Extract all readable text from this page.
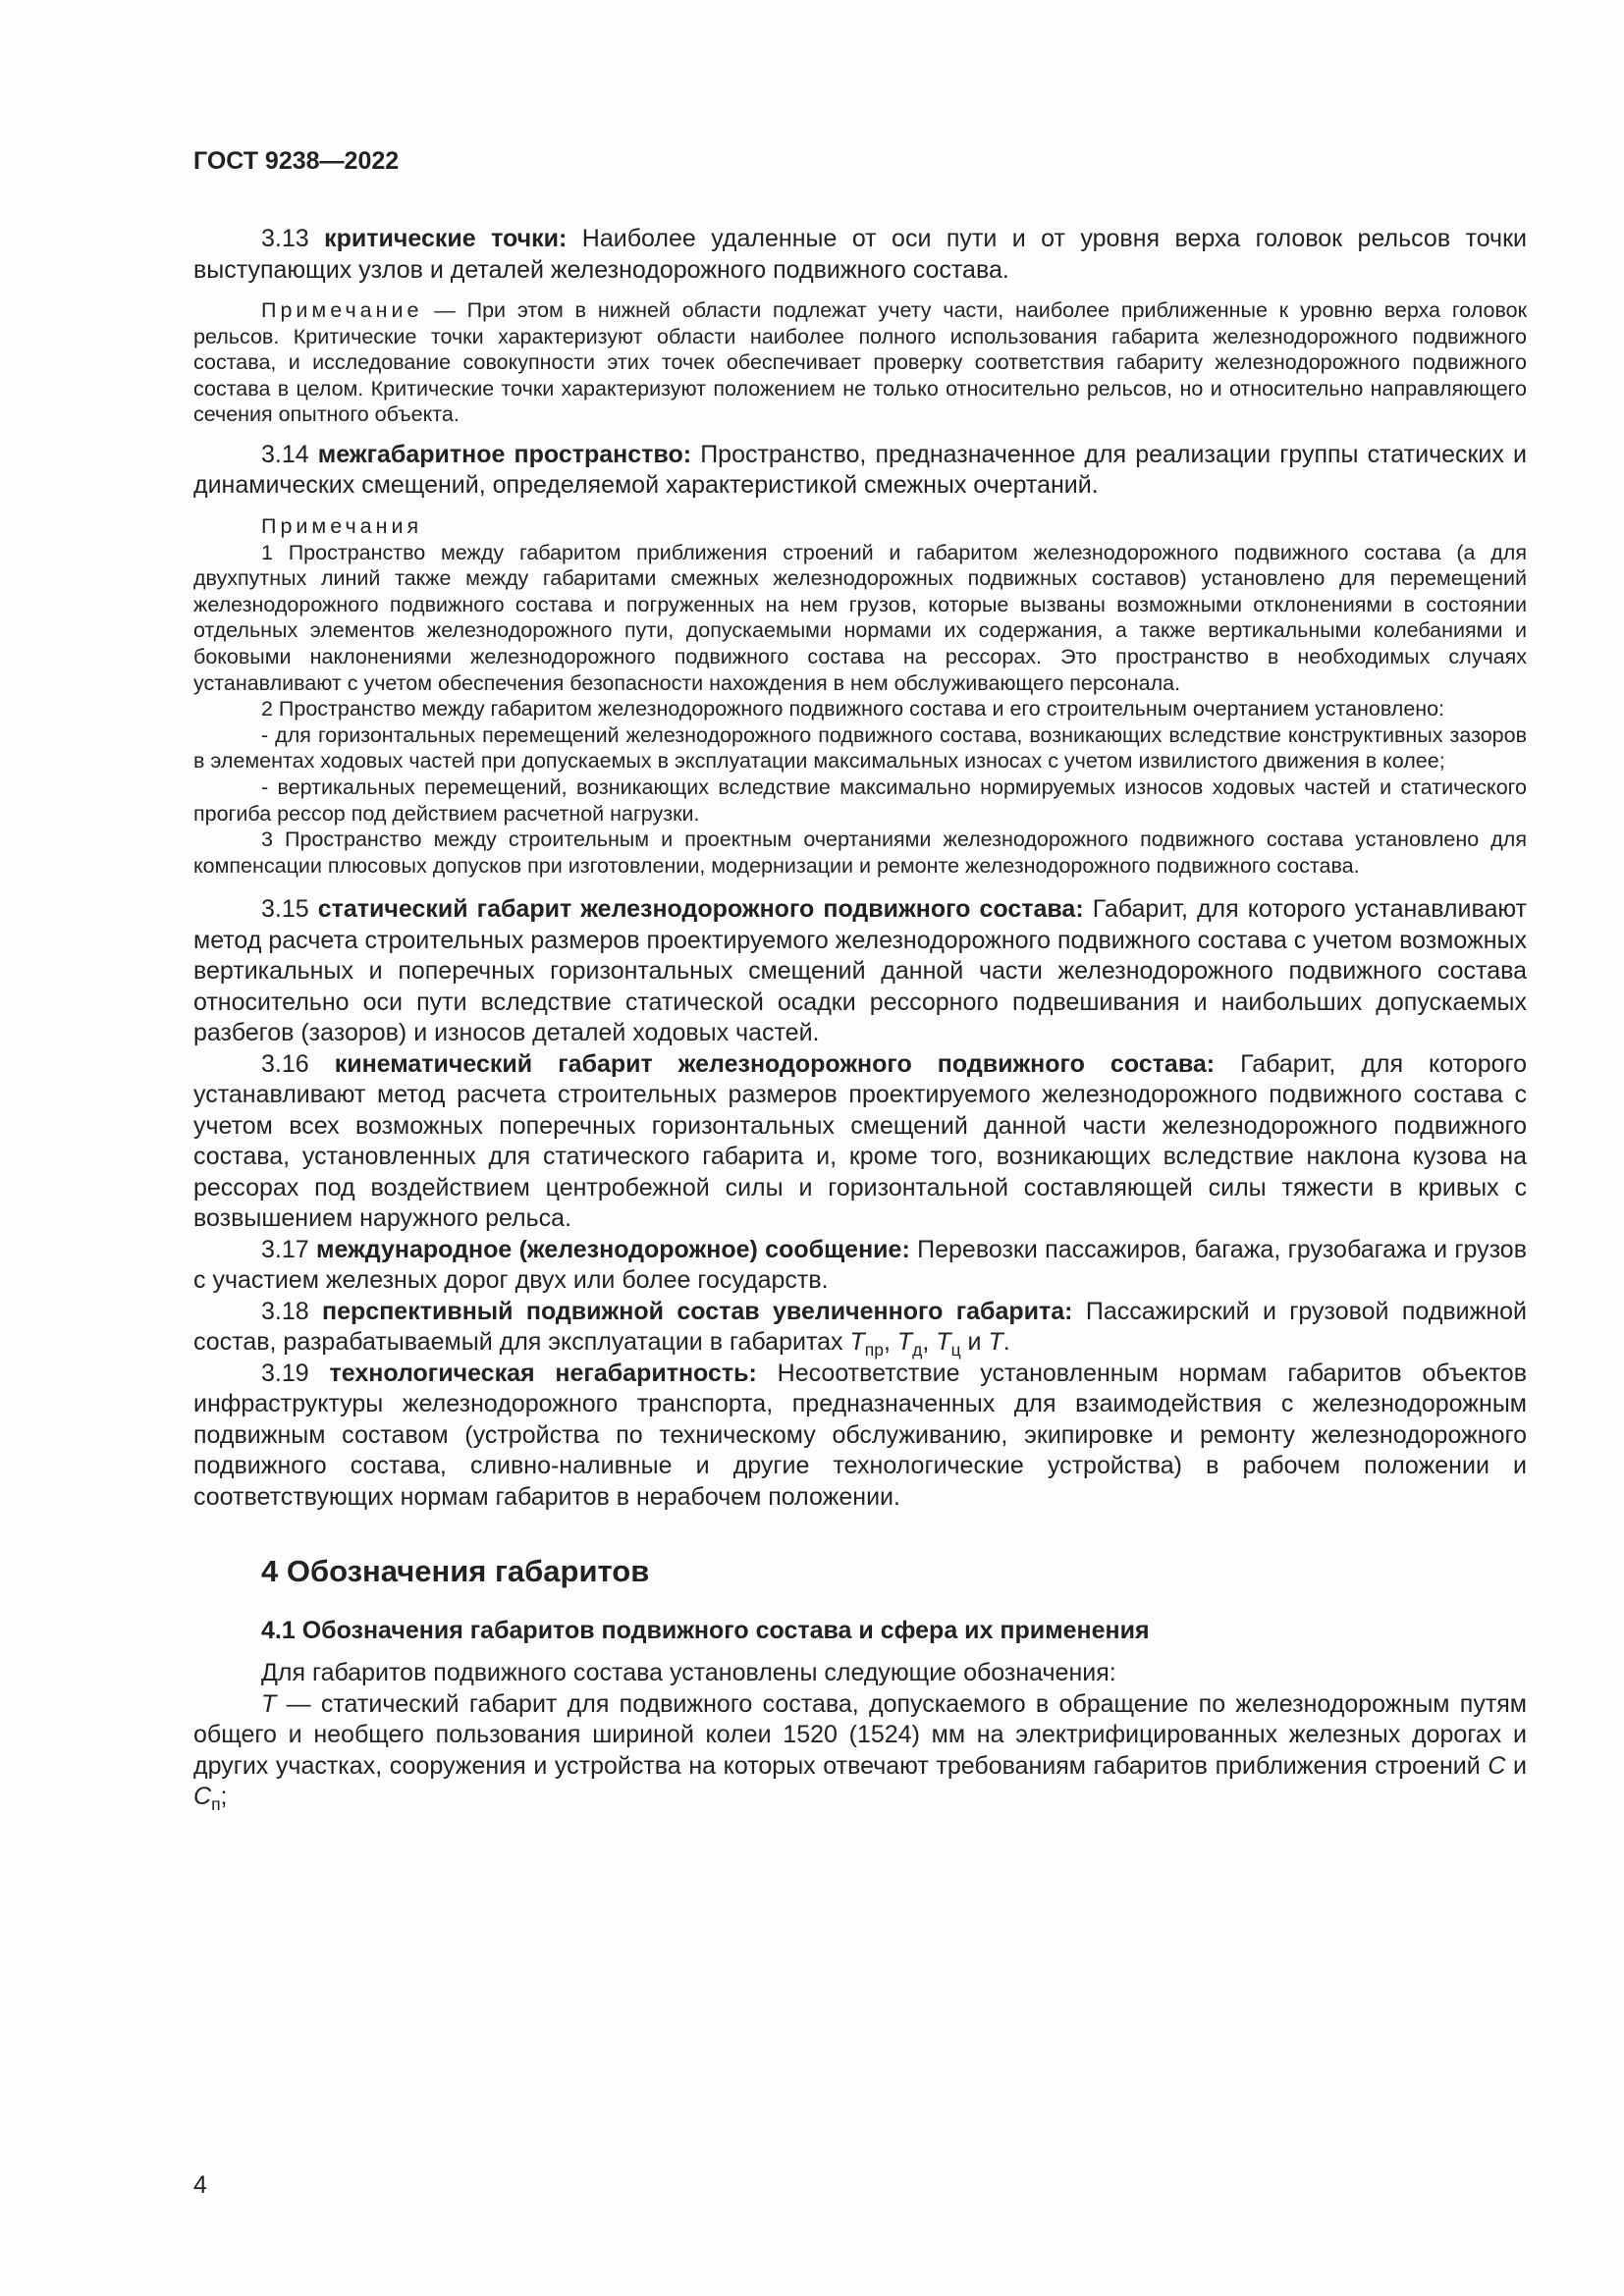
ГОСТ 9238—2022

3.13 критические точки: Наиболее удаленные от оси пути и от уровня верха головок рельсов точки выступающих узлов и деталей железнодорожного подвижного состава.

Примечание — При этом в нижней области подлежат учету части, наиболее приближенные к уровню верха головок рельсов. Критические точки характеризуют области наиболее полного использования габарита железнодорожного подвижного состава, и исследование совокупности этих точек обеспечивает проверку соответствия габариту железнодорожного подвижного состава в целом. Критические точки характеризуют положением не только относительно рельсов, но и относительно направляющего сечения опытного объекта.

3.14 межгабаритное пространство: Пространство, предназначенное для реализации группы статических и динамических смещений, определяемой характеристикой смежных очертаний.

Примечания

1 Пространство между габаритом приближения строений и габаритом железнодорожного подвижного состава (а для двухпутных линий также между габаритами смежных железнодорожных подвижных составов) установлено для перемещений железнодорожного подвижного состава и погруженных на нем грузов, которые вызваны возможными отклонениями в состоянии отдельных элементов железнодорожного пути, допускаемыми нормами их содержания, а также вертикальными колебаниями и боковыми наклонениями железнодорожного подвижного состава на рессорах. Это пространство в необходимых случаях устанавливают с учетом обеспечения безопасности нахождения в нем обслуживающего персонала.

2 Пространство между габаритом железнодорожного подвижного состава и его строительным очертанием установлено:

- для горизонтальных перемещений железнодорожного подвижного состава, возникающих вследствие конструктивных зазоров в элементах ходовых частей при допускаемых в эксплуатации максимальных износах с учетом извилистого движения в колее;

- вертикальных перемещений, возникающих вследствие максимально нормируемых износов ходовых частей и статического прогиба рессор под действием расчетной нагрузки.

3 Пространство между строительным и проектным очертаниями железнодорожного подвижного состава установлено для компенсации плюсовых допусков при изготовлении, модернизации и ремонте железнодорожного подвижного состава.

3.15 статический габарит железнодорожного подвижного состава: Габарит, для которого устанавливают метод расчета строительных размеров проектируемого железнодорожного подвижного состава с учетом возможных вертикальных и поперечных горизонтальных смещений данной части железнодорожного подвижного состава относительно оси пути вследствие статической осадки рессорного подвешивания и наибольших допускаемых разбегов (зазоров) и износов деталей ходовых частей.

3.16 кинематический габарит железнодорожного подвижного состава: Габарит, для которого устанавливают метод расчета строительных размеров проектируемого железнодорожного подвижного состава с учетом всех возможных поперечных горизонтальных смещений данной части железнодорожного подвижного состава, установленных для статического габарита и, кроме того, возникающих вследствие наклона кузова на рессорах под воздействием центробежной силы и горизонтальной составляющей силы тяжести в кривых с возвышением наружного рельса.

3.17 международное (железнодорожное) сообщение: Перевозки пассажиров, багажа, грузобагажа и грузов с участием железных дорог двух или более государств.

3.18 перспективный подвижной состав увеличенного габарита: Пассажирский и грузовой подвижной состав, разрабатываемый для эксплуатации в габаритах $Т_{пр}$, $Т_д$, $Т_ц$ и Т.

3.19 технологическая негабаритность: Несоответствие установленным нормам габаритов объектов инфраструктуры железнодорожного транспорта, предназначенных для взаимодействия с железнодорожным подвижным составом (устройства по техническому обслуживанию, экипировке и ремонту железнодорожного подвижного состава, сливно-наливные и другие технологические устройства) в рабочем положении и соответствующих нормам габаритов в нерабочем положении.

4 Обозначения габаритов
4.1 Обозначения габаритов подвижного состава и сфера их применения

Для габаритов подвижного состава установлены следующие обозначения:

Т — статический габарит для подвижного состава, допускаемого в обращение по железнодорожным путям общего и необщего пользования шириной колеи 1520 (1524) мм на электрифицированных железных дорогах и других участках, сооружения и устройства на которых отвечают требованиям габаритов приближения строений С и $С_п$;

4
